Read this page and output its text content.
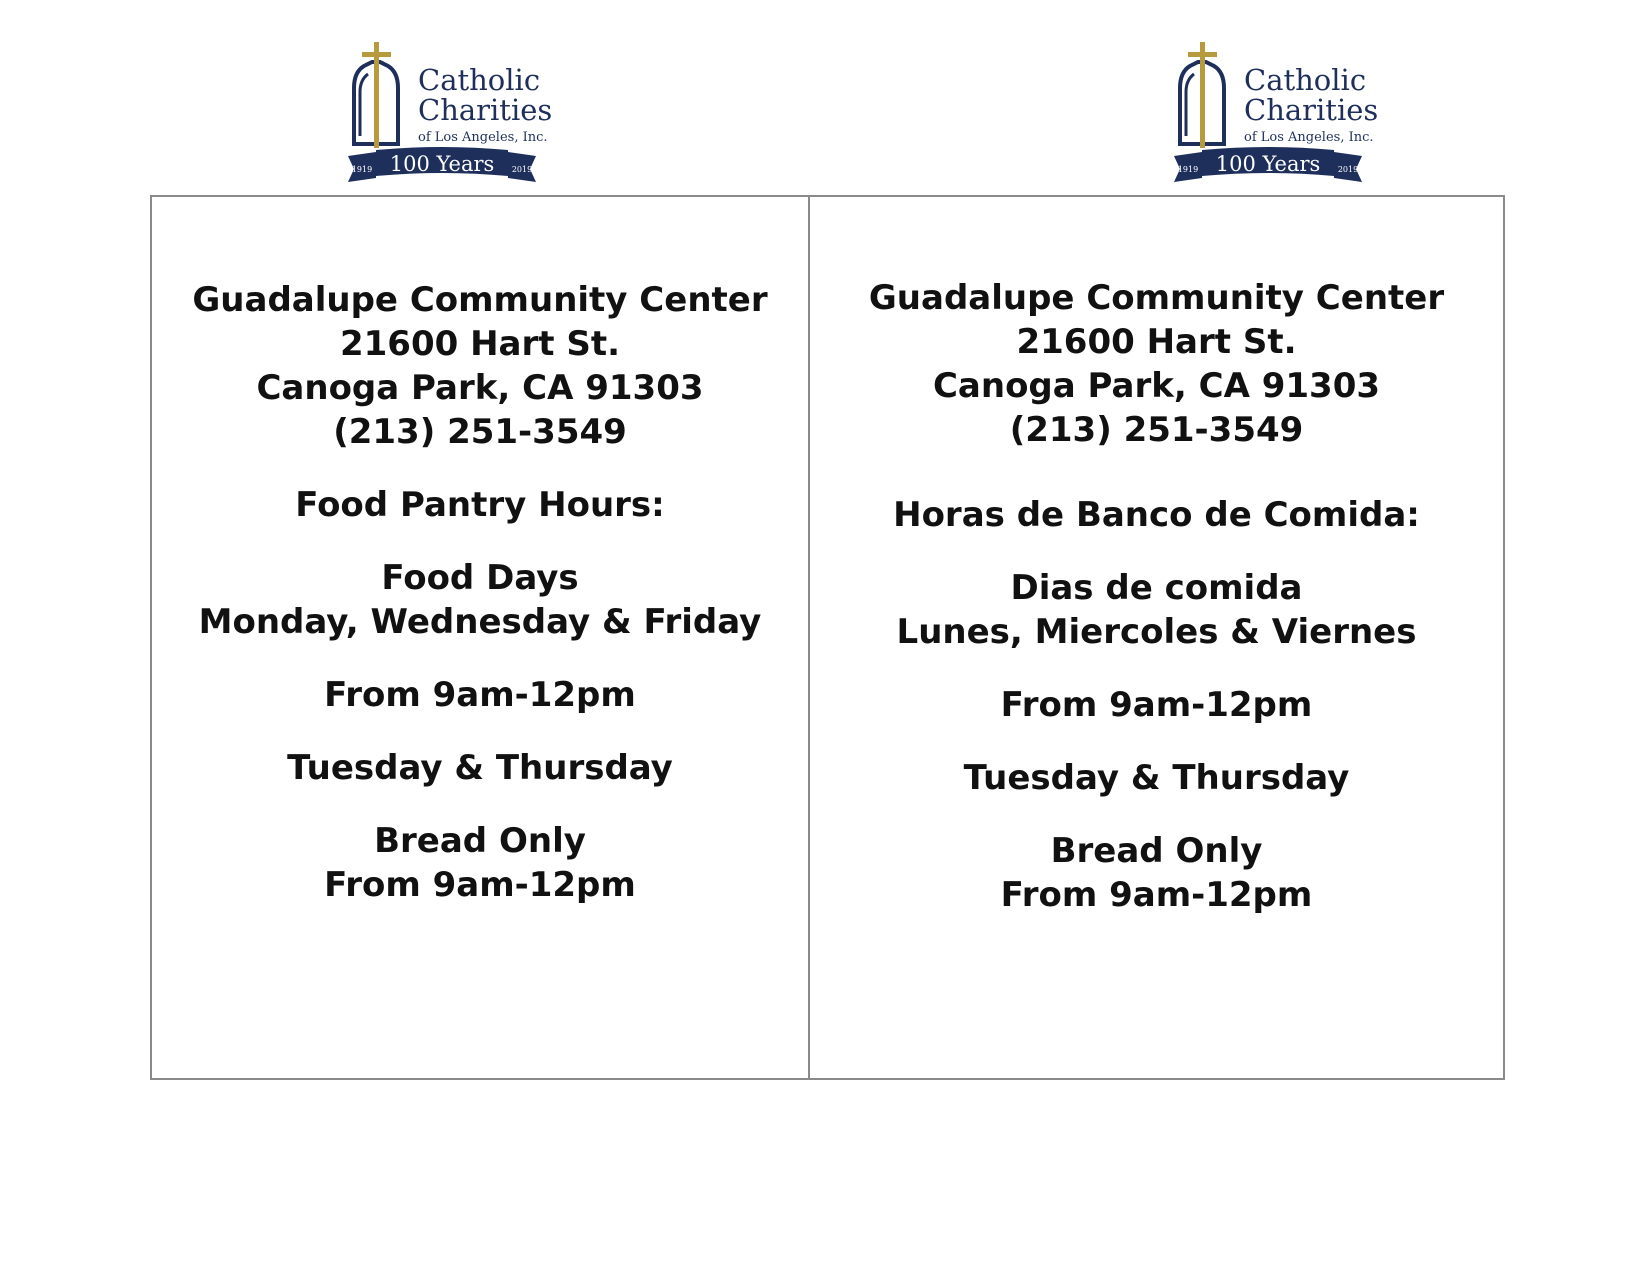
Catholic
Charities
of Los Angeles, Inc.
100 Years
1919	2019
Catholic
Charities
of Los Angeles, Inc.
100 Years
1919	2019

Guadalupe Community Center
21600 Hart St.
Canoga Park, CA 91303
(213) 251-3549

Food Pantry Hours:

Food Days
Monday, Wednesday & Friday

From 9am-12pm

Tuesday & Thursday

Bread Only
From 9am-12pm

Guadalupe Community Center
21600 Hart St.
Canoga Park, CA 91303
(213) 251-3549

Horas de Banco de Comida:

Dias de comida
Lunes, Miercoles & Viernes

From 9am-12pm

Tuesday & Thursday

Bread Only
From 9am-12pm
